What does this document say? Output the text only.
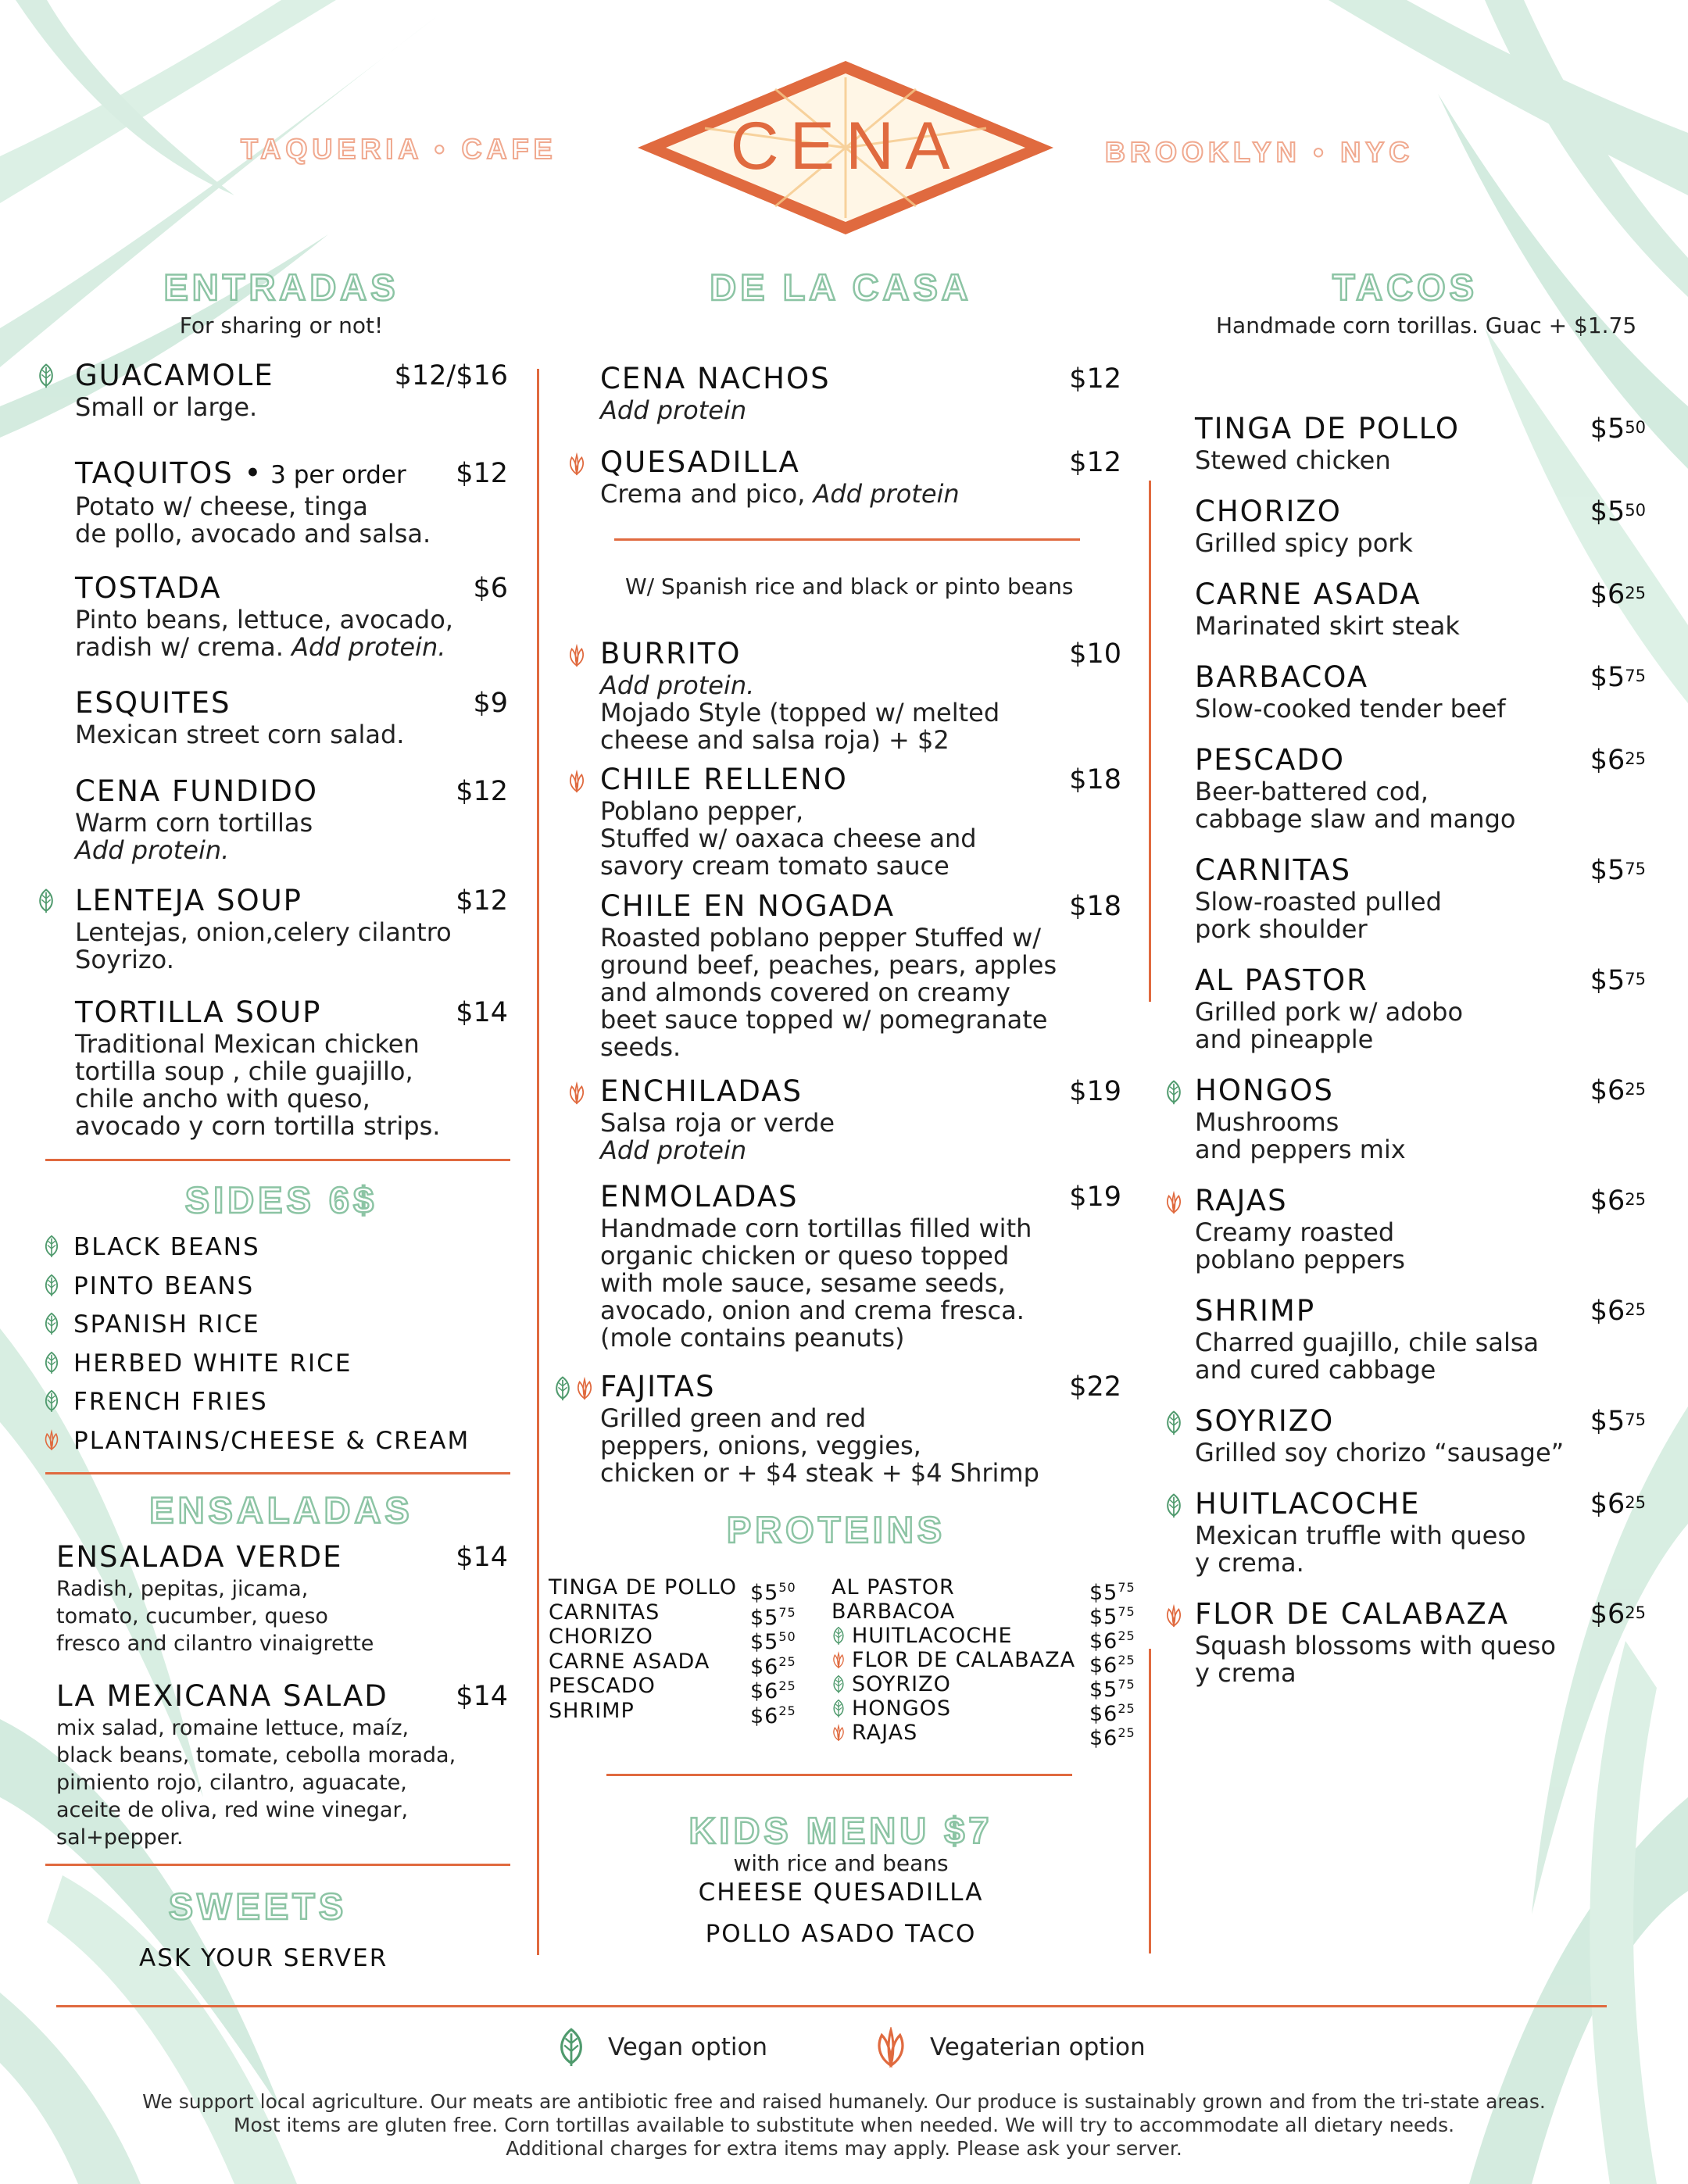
CENA
TAQUERIA • CAFE	BROOKLYN • NYC
ENTRADAS
For sharing or not!
GUACAMOLE
Small or large.
$12/$16
TAQUITOS • 3 per order
Potato w/ cheese, tinga
de pollo, avocado and salsa.
$12
TOSTADA
Pinto beans, lettuce, avocado,
radish w/ crema. Add protein.
$6
ESQUITES
Mexican street corn salad.
$9
CENA FUNDIDO
Warm corn tortillas
Add protein.
$12
LENTEJA SOUP
Lentejas, onion,celery cilantro
Soyrizo.
$12
TORTILLA SOUP
Traditional Mexican chicken
tortilla soup , chile guajillo,
chile ancho with queso,
avocado y corn tortilla strips.
$14
SIDES 6$
BLACK BEANS
PINTO BEANS
SPANISH RICE
HERBED WHITE RICE
FRENCH FRIES
PLANTAINS/CHEESE & CREAM
ENSALADAS
ENSALADA VERDE
Radish, pepitas, jicama,
tomato, cucumber, queso
fresco and cilantro vinaigrette
$14
LA MEXICANA SALAD
mix salad, romaine lettuce, maíz,
black beans, tomate, cebolla morada,
pimiento rojo, cilantro, aguacate,
aceite de oliva, red wine vinegar,
sal+pepper.
$14
SWEETS
ASK YOUR SERVER
DE LA CASA
CENA NACHOS
Add protein
$12
QUESADILLA
Crema and pico, Add protein
$12
BURRITO
Add protein.
Mojado Style (topped w/ melted
cheese and salsa roja) + $2
$10
CHILE RELLENO
Poblano pepper,
Stuffed w/ oaxaca cheese and
savory cream tomato sauce
$18
CHILE EN NOGADA
Roasted poblano pepper Stuffed w/
ground beef, peaches, pears, apples
and almonds covered on creamy
beet sauce topped w/ pomegranate
seeds.
$18
ENCHILADAS
Salsa roja or verde
Add protein
$19
ENMOLADAS
Handmade corn tortillas filled with
organic chicken or queso topped
with mole sauce, sesame seeds,
avocado, onion and crema fresca.
(mole contains peanuts)
$19
FAJITAS
Grilled green and red
peppers, onions, veggies,
chicken or + $4 steak + $4 Shrimp
$22
W/ Spanish rice and black or pinto beans
PROTEINS
TINGA DE POLLO $\$5^{50}$
CARNITAS	$\$5^{75}$
CHORIZO	$\$5^{50}$
CARNE ASADA $\$6^{25}$
PESCADO	$\$6^{25}$
SHRIMP	$\$6^{25}$
AL PASTOR	$\$5^{75}$
BARBACOA	$\$5^{75}$
HUITLACOCHE	$\$6^{25}$
FLOR DE CALABAZA $\$6^{25}$
SOYRIZO	$\$5^{75}$
HONGOS	$\$6^{25}$
RAJAS	$\$6^{25}$
KIDS MENU $7
with rice and beans
CHEESE QUESADILLA
POLLO ASADO TACO
TACOS
Handmade corn torillas. Guac + $1.75
TINGA DE POLLO
Stewed chicken
$\$5^{50}$
CHORIZO
Grilled spicy pork
$\$5^{50}$
CARNE ASADA
Marinated skirt steak
$\$6^{25}$
BARBACOA
Slow-cooked tender beef
$\$5^{75}$
PESCADO
Beer-battered cod,
cabbage slaw and mango
$\$6^{25}$
CARNITAS
Slow-roasted pulled
pork shoulder
$\$5^{75}$
AL PASTOR
Grilled pork w/ adobo
and pineapple
$\$5^{75}$
HONGOS
Mushrooms
and peppers mix
$\$6^{25}$
RAJAS
Creamy roasted
poblano peppers
$\$6^{25}$
SHRIMP
Charred guajillo, chile salsa
and cured cabbage
$\$6^{25}$
SOYRIZO
Grilled soy chorizo “sausage”
$\$5^{75}$
HUITLACOCHE
Mexican truffle with queso
y crema.
$\$6^{25}$
FLOR DE CALABAZA
Squash blossoms with queso
y crema
$\$6^{25}$
Vegan option	Vegaterian option
We support local agriculture. Our meats are antibiotic free and raised humanely. Our produce is sustainably grown and from the tri-state areas.
Most items are gluten free. Corn tortillas available to substitute when needed. We will try to accommodate all dietary needs.
Additional charges for extra items may apply. Please ask your server.
